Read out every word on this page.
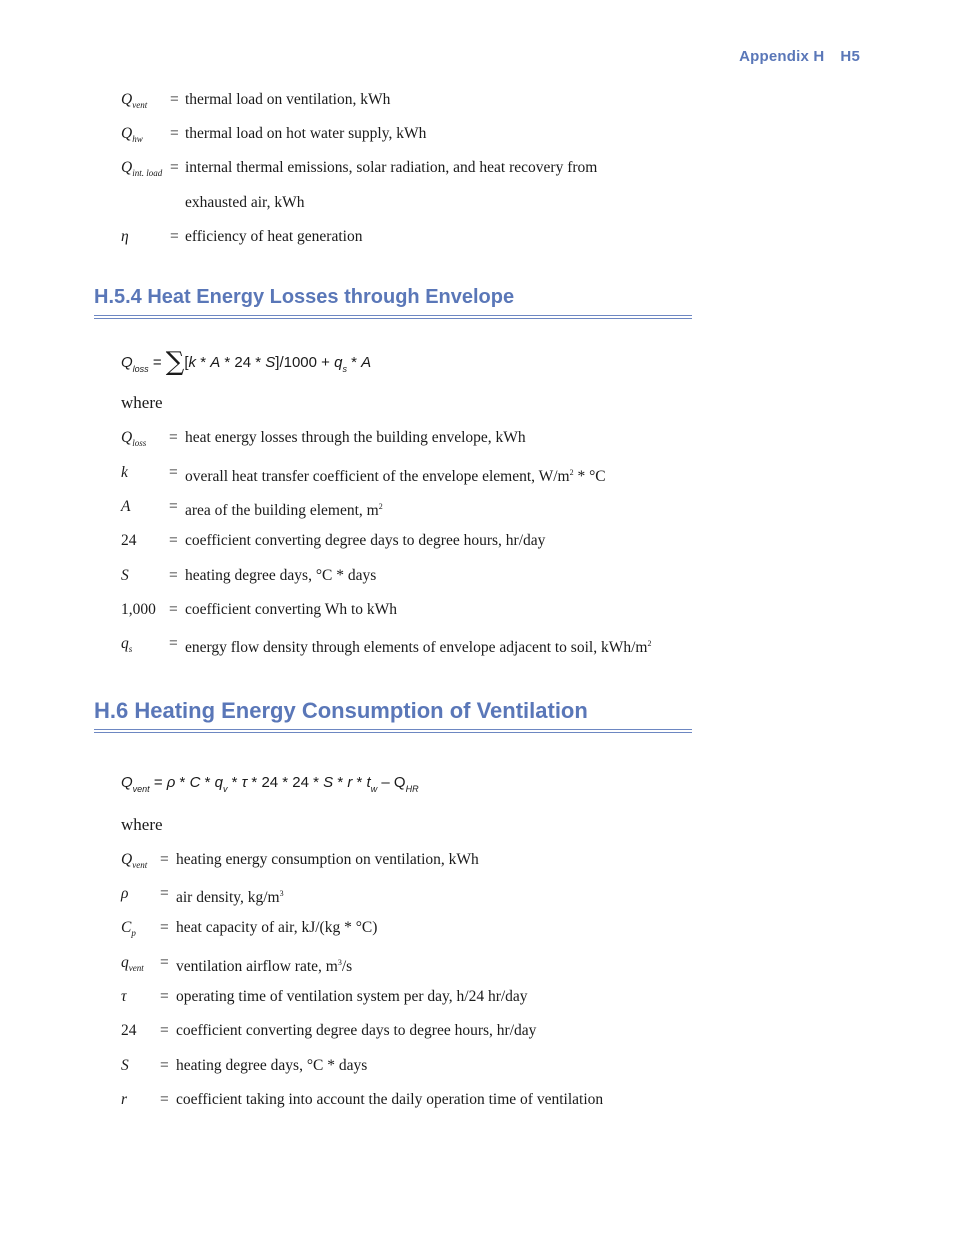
Appendix H H5
$Q_{vent}$ = thermal load on ventilation, kWh
$Q_{hw}$ = thermal load on hot water supply, kWh
$Q_{int. load}$ = internal thermal emissions, solar radiation, and heat recovery from
exhausted air, kWh
η	= efficiency of heat generation
H.5.4 Heat Energy Losses through Envelope
$Q_{loss} = \sum[k * A * 24 * S]/1000 + q_s * A$
where
$Q_{loss}$ = heat energy losses through the building envelope, kWh
k	= overall heat transfer coefficient of the envelope element, $W/m^2 * ^\circ C$
A = area of the building element, $m^2$
24 = coefficient converting degree days to degree hours, hr/day
S	= heating degree days, °C * days
1,000 = coefficient converting Wh to kWh
$q_s$ = energy flow density through elements of envelope adjacent to soil, kWh/$m^2$
H.6 Heating Energy Consumption of Ventilation
$Q_{vent} = \rho * C * q_v * \tau * 24 * 24 * S * r * t_w - Q_{HR}$
where
$Q_{vent}$ = heating energy consumption on ventilation, kWh
ρ = air density, $kg/m^3$
$C_p$ = heat capacity of air, kJ/(kg * °C)
$q_{vent}$ = ventilation airflow rate, $m^3/s$
τ = operating time of ventilation system per day, h/24 hr/day
24 = coefficient converting degree days to degree hours, hr/day
S = heating degree days, °C * days
r = coefficient taking into account the daily operation time of ventilation
